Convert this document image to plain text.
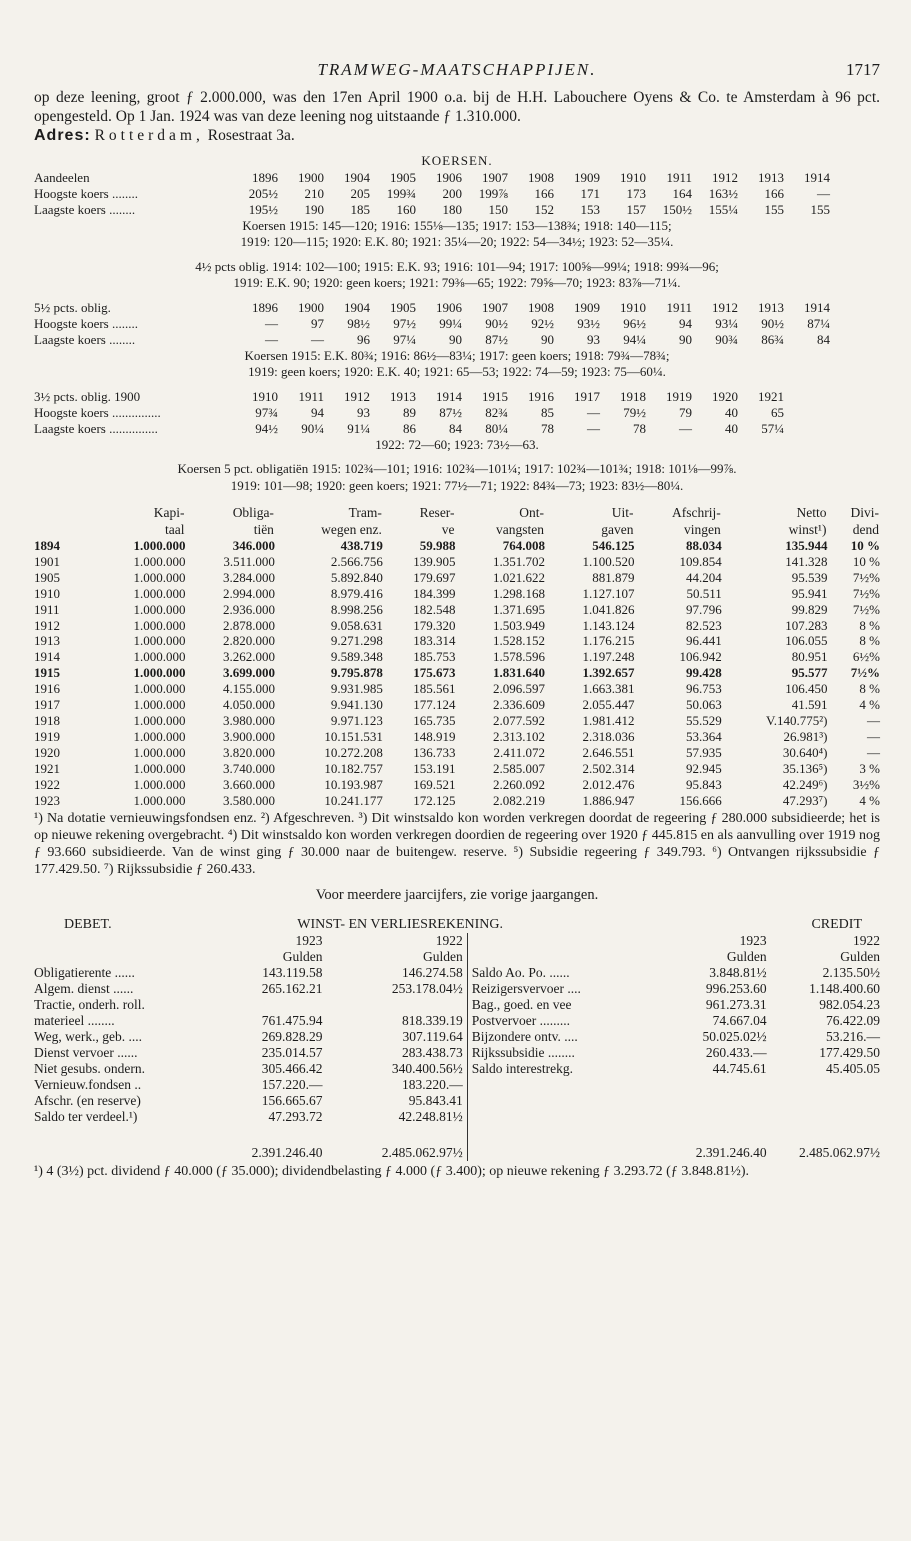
TRAMWEG-MAATSCHAPPIJEN.	1717

op deze leening, groot ƒ 2.000.000, was den 17en April 1900 o.a. bij de H.H. Labouchere Oyens & Co. te Amsterdam à 96 pct. opengesteld. Op 1 Jan. 1924 was van deze leening nog uitstaande ƒ 1.310.000.

Adres: Rotterdam, Rosestraat 3a.

KOERSEN.
Aandeelen	1896	1900	1904	1905	1906	1907	1908	1909	1910	1911	1912	1913	1914
Hoogste koers ........	205½	210	205	199¾	200	199⅞	166	171	173	164	163½	166	—
Laagste koers ........	195½	190	185	160	180	150	152	153	157	150½	155¼	155	155
Koersen 1915: 145—120; 1916: 155⅛—135; 1917: 153—138¾; 1918: 140—115;
1919: 120—115; 1920: E.K. 80; 1921: 35¼—20; 1922: 54—34½; 1923: 52—35¼.
4½ pcts oblig. 1914: 102—100; 1915: E.K. 93; 1916: 101—94; 1917: 100⅝—99¼; 1918: 99¾—96;
1919: E.K. 90; 1920: geen koers; 1921: 79⅜—65; 1922: 79⅝—70; 1923: 83⅞—71¼.
5½ pcts. oblig.	1896	1900	1904	1905	1906	1907	1908	1909	1910	1911	1912	1913	1914
Hoogste koers ........	—	97	98½	97½	99¼	90½	92½	93½	96½	94	93¼	90½	87¼
Laagste koers ........	—	—	96	97¼	90	87½	90	93	94¼	90	90¾	86¾	84
Koersen 1915: E.K. 80¾; 1916: 86½—83¼; 1917: geen koers; 1918: 79¾—78¾;
1919: geen koers; 1920: E.K. 40; 1921: 65—53; 1922: 74—59; 1923: 75—60¼.
3½ pcts. oblig. 1900	1910	1911	1912	1913	1914	1915	1916	1917	1918	1919	1920	1921
Hoogste koers ...............	97¾	94	93	89	87½	82¾	85	—	79½	79	40	65
Laagste koers ...............	94½	90¼	91¼	86	84	80¼	78	—	78	—	40	57¼
1922: 72—60; 1923: 73½—63.
Koersen 5 pct. obligatiën 1915: 102¾—101; 1916: 102¾—101¼; 1917: 102¾—101¾; 1918: 101⅛—99⅞.
1919: 101—98; 1920: geen koers; 1921: 77½—71; 1922: 84¾—73; 1923: 83½—80¼.
	Kapi-	Obliga-	Tram-	Reser-	Ont-	Uit-	Afschrij-	Netto	Divi-
	taal	tiën	wegen enz.	ve	vangsten	gaven	vingen	winst¹)	dend
1894	1.000.000	346.000	438.719	59.988	764.008	546.125	88.034	135.944	10 %
1901	1.000.000	3.511.000	2.566.756	139.905	1.351.702	1.100.520	109.854	141.328	10 %
1905	1.000.000	3.284.000	5.892.840	179.697	1.021.622	881.879	44.204	95.539	7½%
1910	1.000.000	2.994.000	8.979.416	184.399	1.298.168	1.127.107	50.511	95.941	7½%
1911	1.000.000	2.936.000	8.998.256	182.548	1.371.695	1.041.826	97.796	99.829	7½%
1912	1.000.000	2.878.000	9.058.631	179.320	1.503.949	1.143.124	82.523	107.283	8 %
1913	1.000.000	2.820.000	9.271.298	183.314	1.528.152	1.176.215	96.441	106.055	8 %
1914	1.000.000	3.262.000	9.589.348	185.753	1.578.596	1.197.248	106.942	80.951	6½%
1915	1.000.000	3.699.000	9.795.878	175.673	1.831.640	1.392.657	99.428	95.577	7½%
1916	1.000.000	4.155.000	9.931.985	185.561	2.096.597	1.663.381	96.753	106.450	8 %
1917	1.000.000	4.050.000	9.941.130	177.124	2.336.609	2.055.447	50.063	41.591	4 %
1918	1.000.000	3.980.000	9.971.123	165.735	2.077.592	1.981.412	55.529	V.140.775²)	—
1919	1.000.000	3.900.000	10.151.531	148.919	2.313.102	2.318.036	53.364	26.981³)	—
1920	1.000.000	3.820.000	10.272.208	136.733	2.411.072	2.646.551	57.935	30.640⁴)	—
1921	1.000.000	3.740.000	10.182.757	153.191	2.585.007	2.502.314	92.945	35.136⁵)	3 %
1922	1.000.000	3.660.000	10.193.987	169.521	2.260.092	2.012.476	95.843	42.249⁶)	3½%
1923	1.000.000	3.580.000	10.241.177	172.125	2.082.219	1.886.947	156.666	47.293⁷)	4 %

¹) Na dotatie vernieuwingsfondsen enz. ²) Afgeschreven. ³) Dit winstsaldo kon worden verkregen doordat de regeering ƒ 280.000 subsidieerde; het is op nieuwe rekening overgebracht. ⁴) Dit winstsaldo kon worden verkregen doordien de regeering over 1920 ƒ 445.815 en als aanvulling over 1919 nog ƒ 93.660 subsidieerde. Van de winst ging ƒ 30.000 naar de buitengew. reserve. ⁵) Subsidie regeering ƒ 349.793. ⁶) Ontvangen rijkssubsidie ƒ 177.429.50. ⁷) Rijkssubsidie ƒ 260.433.

Voor meerdere jaarcijfers, zie vorige jaargangen.
DEBET.			WINST- EN VERLIESREKENING. CREDIT		

	1923	1922		1923	1922
	Gulden	Gulden		Gulden	Gulden
Obligatierente ......	143.119.58	146.274.58	Saldo Ao. Po. ......	3.848.81½	2.135.50½
Algem. dienst ......	265.162.21	253.178.04½	Reizigersvervoer ....	996.253.60	1.148.400.60
Tractie, onderh. roll.			Bag., goed. en vee	961.273.31	982.054.23
materieel ........	761.475.94	818.339.19	Postvervoer .........	74.667.04	76.422.09
Weg, werk., geb. ....	269.828.29	307.119.64	Bijzondere ontv. ....	50.025.02½	53.216.—
Dienst vervoer ......	235.014.57	283.438.73	Rijkssubsidie ........	260.433.—	177.429.50
Niet gesubs. ondern.	305.466.42	340.400.56½	Saldo interestrekg.	44.745.61	45.405.05
Vernieuw.fondsen ..	157.220.—	183.220.—			
Afschr. (en reserve)	156.665.67	95.843.41			
Saldo ter verdeel.¹)	47.293.72	42.248.81½			
	2.391.246.40	2.485.062.97½		2.391.246.40	2.485.062.97½

¹) 4 (3½) pct. dividend ƒ 40.000 (ƒ 35.000); dividendbelasting ƒ 4.000 (ƒ 3.400); op nieuwe rekening ƒ 3.293.72 (ƒ 3.848.81½).
